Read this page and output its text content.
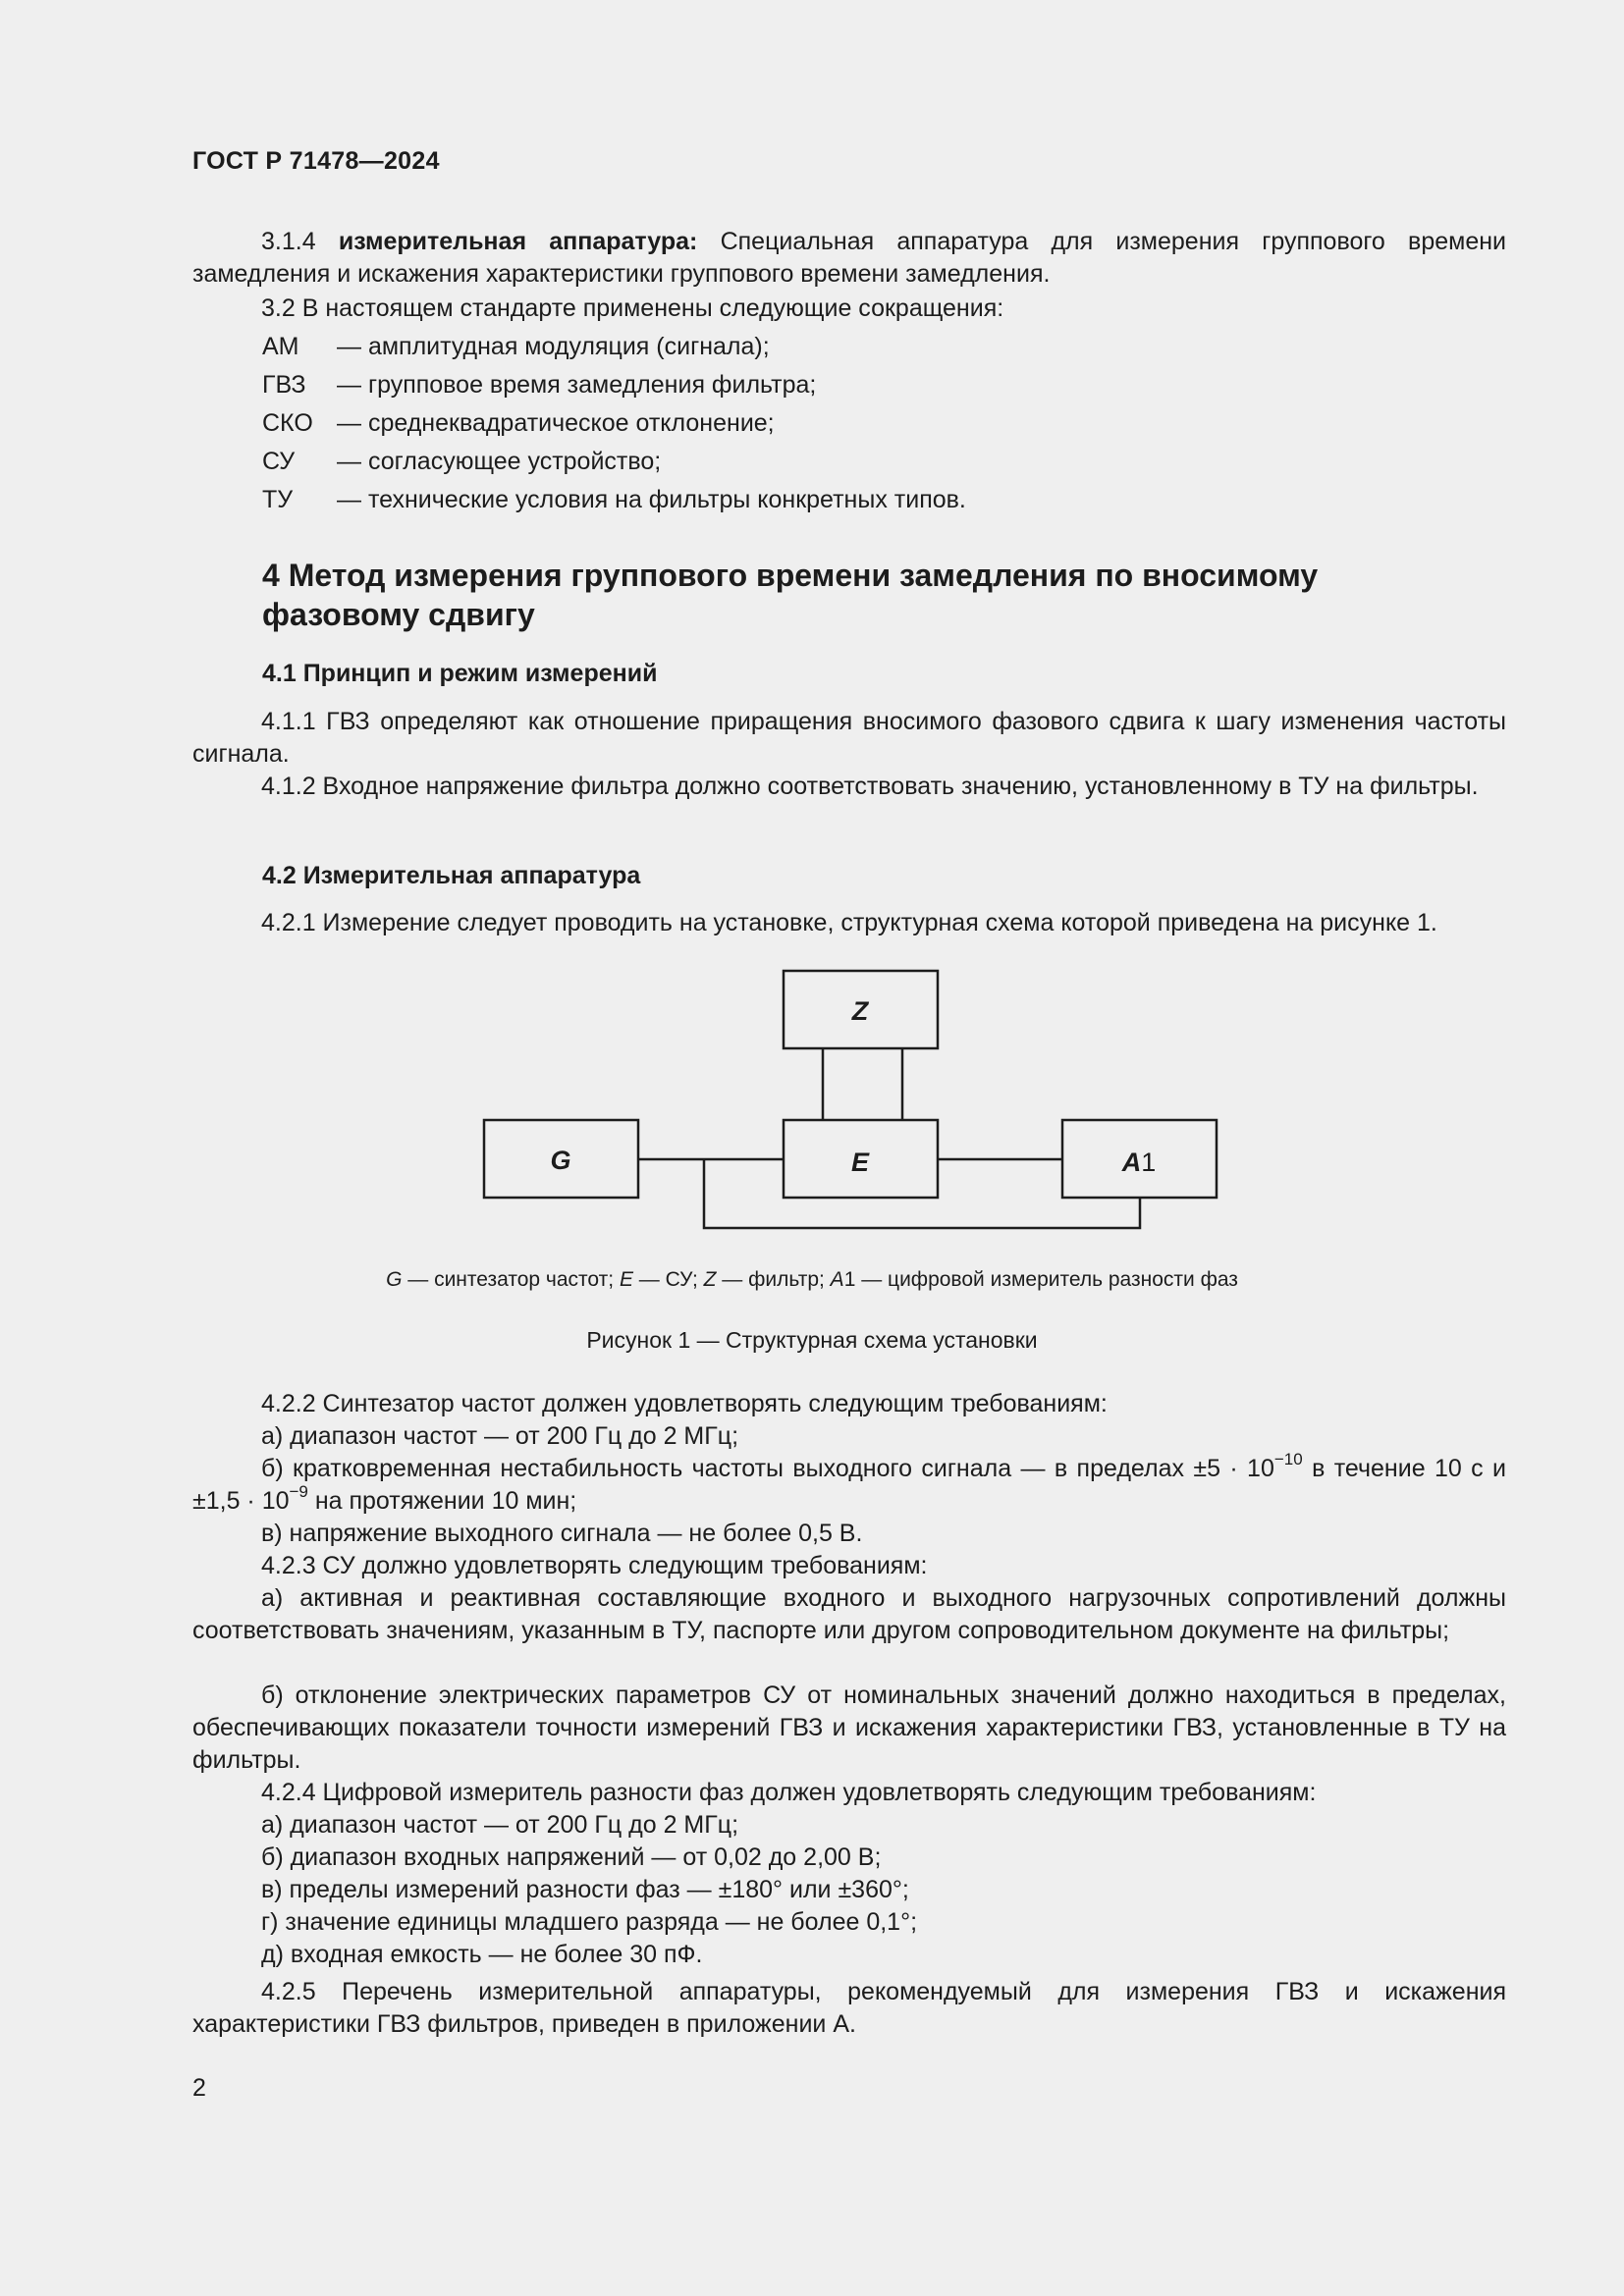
ГОСТ Р 71478—2024
3.1.4 измерительная аппаратура: Специальная аппаратура для измерения группового времени замедления и искажения характеристики группового времени замедления.
3.2 В настоящем стандарте применены следующие сокращения:
АМ — амплитудная модуляция (сигнала);
ГВЗ — групповое время замедления фильтра;
СКО — среднеквадратическое отклонение;
СУ — согласующее устройство;
ТУ — технические условия на фильтры конкретных типов.
4 Метод измерения группового времени замедления по вносимому фазовому сдвигу
4.1 Принцип и режим измерений
4.1.1 ГВЗ определяют как отношение приращения вносимого фазового сдвига к шагу изменения частоты сигнала.
4.1.2 Входное напряжение фильтра должно соответствовать значению, установленному в ТУ на фильтры.
4.2 Измерительная аппаратура
4.2.1 Измерение следует проводить на установке, структурная схема которой приведена на рисунке 1.
Z
G	E	A1
G — синтезатор частот; E — СУ; Z — фильтр; A1 — цифровой измеритель разности фаз
Рисунок 1 — Структурная схема установки
4.2.2 Синтезатор частот должен удовлетворять следующим требованиям:
а) диапазон частот — от 200 Гц до 2 МГц;
б) кратковременная нестабильность частоты выходного сигнала — в пределах $\pm 5 \cdot 10^{-10}$ в течение 10 с $и \pm 1,5 \cdot 10^{-9}$ на протяжении 10 мин;
в) напряжение выходного сигнала — не более 0,5 В.
4.2.3 СУ должно удовлетворять следующим требованиям:
а) активная и реактивная составляющие входного и выходного нагрузочных сопротивлений должны соответствовать значениям, указанным в ТУ, паспорте или другом сопроводительном документе на фильтры;
б) отклонение электрических параметров СУ от номинальных значений должно находиться в пределах, обеспечивающих показатели точности измерений ГВЗ и искажения характеристики ГВЗ, установленные в ТУ на фильтры.
4.2.4 Цифровой измеритель разности фаз должен удовлетворять следующим требованиям:
а) диапазон частот — от 200 Гц до 2 МГц;
б) диапазон входных напряжений — от 0,02 до 2,00 В;
в) пределы измерений разности фаз — ±180° или ±360°;
г) значение единицы младшего разряда — не более 0,1°;
д) входная емкость — не более 30 пФ.
4.2.5 Перечень измерительной аппаратуры, рекомендуемый для измерения ГВЗ и искажения характеристики ГВЗ фильтров, приведен в приложении А.
2
